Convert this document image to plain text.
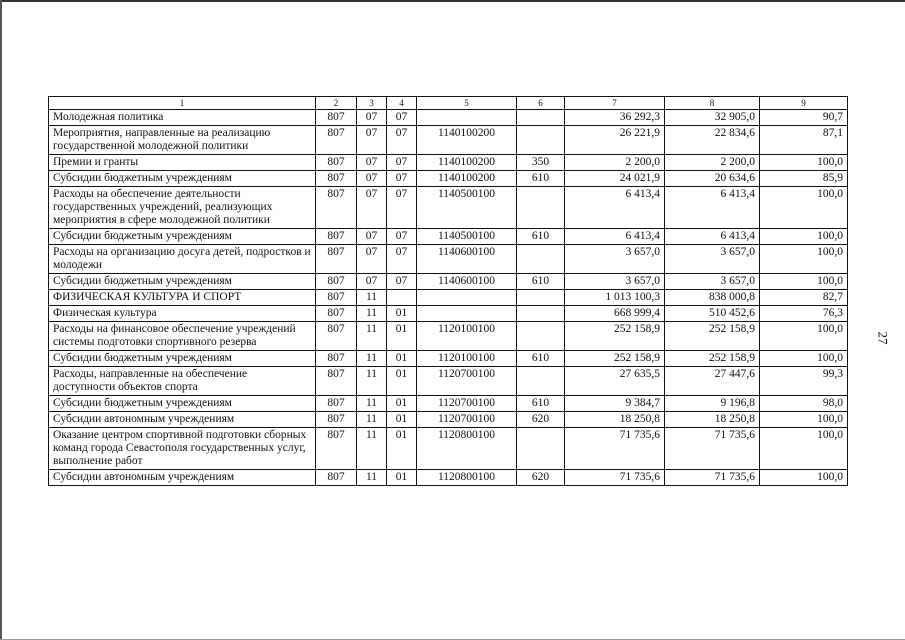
1	2	3	4	5	6	7	8	9
Молодежная политика	807	07	07			36 292,3	32 905,0	90,7
Мероприятия, направленные на реализацию государственной молодежной политики	807	07	07	1140100200		26 221,9	22 834,6	87,1
Премии и гранты	807	07	07	1140100200	350	2 200,0	2 200,0	100,0
Субсидии бюджетным учреждениям	807	07	07	1140100200	610	24 021,9	20 634,6	85,9
Расходы на обеспечение деятельности государственных учреждений, реализующих мероприятия в сфере молодежной политики	807	07	07	1140500100		6 413,4	6 413,4	100,0
Субсидии бюджетным учреждениям	807	07	07	1140500100	610	6 413,4	6 413,4	100,0
Расходы на организацию досуга детей, подростков и молодежи	807	07	07	1140600100		3 657,0	3 657,0	100,0
Субсидии бюджетным учреждениям	807	07	07	1140600100	610	3 657,0	3 657,0	100,0
ФИЗИЧЕСКАЯ КУЛЬТУРА И СПОРТ	807	11				1 013 100,3	838 000,8	82,7
Физическая культура	807	11	01			668 999,4	510 452,6	76,3
Расходы на финансовое обеспечение учреждений системы подготовки спортивного резерва	807	11	01	1120100100		252 158,9	252 158,9	100,0
Субсидии бюджетным учреждениям	807	11	01	1120100100	610	252 158,9	252 158,9	100,0
Расходы, направленные на обеспечение доступности объектов спорта	807	11	01	1120700100		27 635,5	27 447,6	99,3
Субсидии бюджетным учреждениям	807	11	01	1120700100	610	9 384,7	9 196,8	98,0
Субсидии автономным учреждениям	807	11	01	1120700100	620	18 250,8	18 250,8	100,0
Оказание центром спортивной подготовки сборных команд города Севастополя государственных услуг, выполнение работ	807	11	01	1120800100		71 735,6	71 735,6	100,0
Субсидии автономным учреждениям	807	11	01	1120800100	620	71 735,6	71 735,6	100,0
27
